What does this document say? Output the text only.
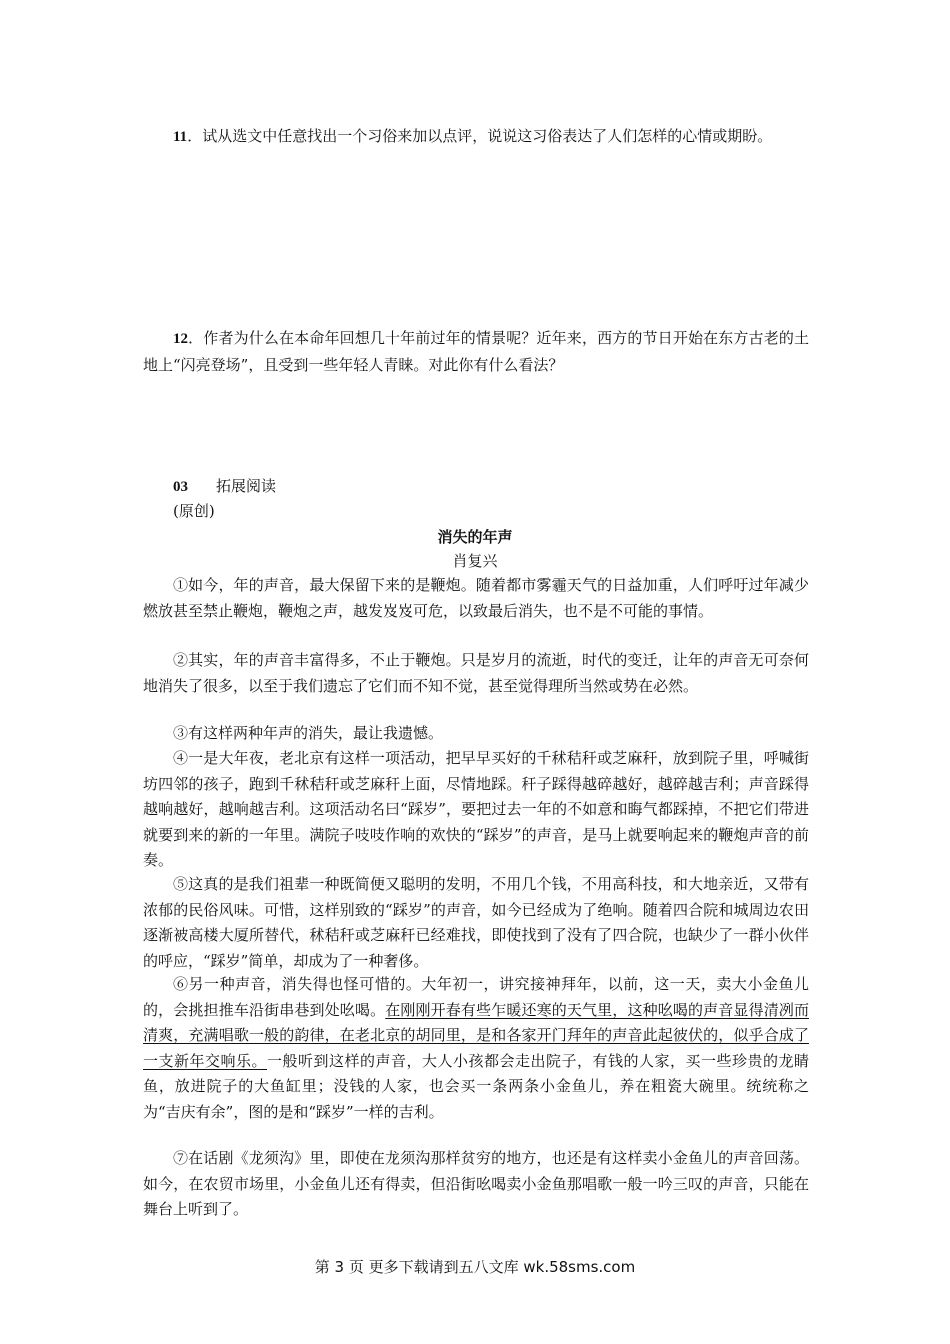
11．试从选文中任意找出一个习俗来加以点评，说说这习俗表达了人们怎样的心情或期盼。

12．作者为什么在本命年回想几十年前过年的情景呢？近年来，西方的节日开始在东方古老的土地上“闪亮登场”，且受到一些年轻人青睐。对此你有什么看法？

03 拓展阅读

(原创)

消失的年声

肖复兴

①如今，年的声音，最大保留下来的是鞭炮。随着都市雾霾天气的日益加重，人们呼吁过年减少燃放甚至禁止鞭炮，鞭炮之声，越发岌岌可危，以致最后消失，也不是不可能的事情。

②其实，年的声音丰富得多，不止于鞭炮。只是岁月的流逝，时代的变迁，让年的声音无可奈何地消失了很多，以至于我们遗忘了它们而不知不觉，甚至觉得理所当然或势在必然。

③有这样两种年声的消失，最让我遗憾。

④一是大年夜，老北京有这样一项活动，把早早买好的千秫秸秆或芝麻秆，放到院子里，呼喊街坊四邻的孩子，跑到千秫秸秆或芝麻秆上面，尽情地踩。秆子踩得越碎越好，越碎越吉利；声音踩得越响越好，越响越吉利。这项活动名曰“踩岁”，要把过去一年的不如意和晦气都踩掉，不把它们带进就要到来的新的一年里。满院子吱吱作响的欢快的“踩岁”的声音，是马上就要响起来的鞭炮声音的前奏。

⑤这真的是我们祖辈一种既简便又聪明的发明，不用几个钱，不用高科技，和大地亲近，又带有浓郁的民俗风味。可惜，这样别致的“踩岁”的声音，如今已经成为了绝响。随着四合院和城周边农田逐渐被高楼大厦所替代，秫秸秆或芝麻秆已经难找，即使找到了没有了四合院，也缺少了一群小伙伴的呼应，“踩岁”简单，却成为了一种奢侈。

⑥另一种声音，消失得也怪可惜的。大年初一，讲究接神拜年，以前，这一天，卖大小金鱼儿的，会挑担推车沿街串巷到处吆喝。在刚刚开春有些乍暖还寒的天气里，这种吆喝的声音显得清冽而清爽，充满唱歌一般的韵律，在老北京的胡同里，是和各家开门拜年的声音此起彼伏的，似乎合成了一支新年交响乐。一般听到这样的声音，大人小孩都会走出院子，有钱的人家，买一些珍贵的龙睛鱼，放进院子的大鱼缸里；没钱的人家，也会买一条两条小金鱼儿，养在粗瓷大碗里。统统称之为“吉庆有余”，图的是和“踩岁”一样的吉利。

⑦在话剧《龙须沟》里，即使在龙须沟那样贫穷的地方，也还是有这样卖小金鱼儿的声音回荡。如今，在农贸市场里，小金鱼儿还有得卖，但沿街吆喝卖小金鱼那唱歌一般一吟三叹的声音，只能在舞台上听到了。

第 3 页 更多下载请到五八文库 wk.58sms.com
